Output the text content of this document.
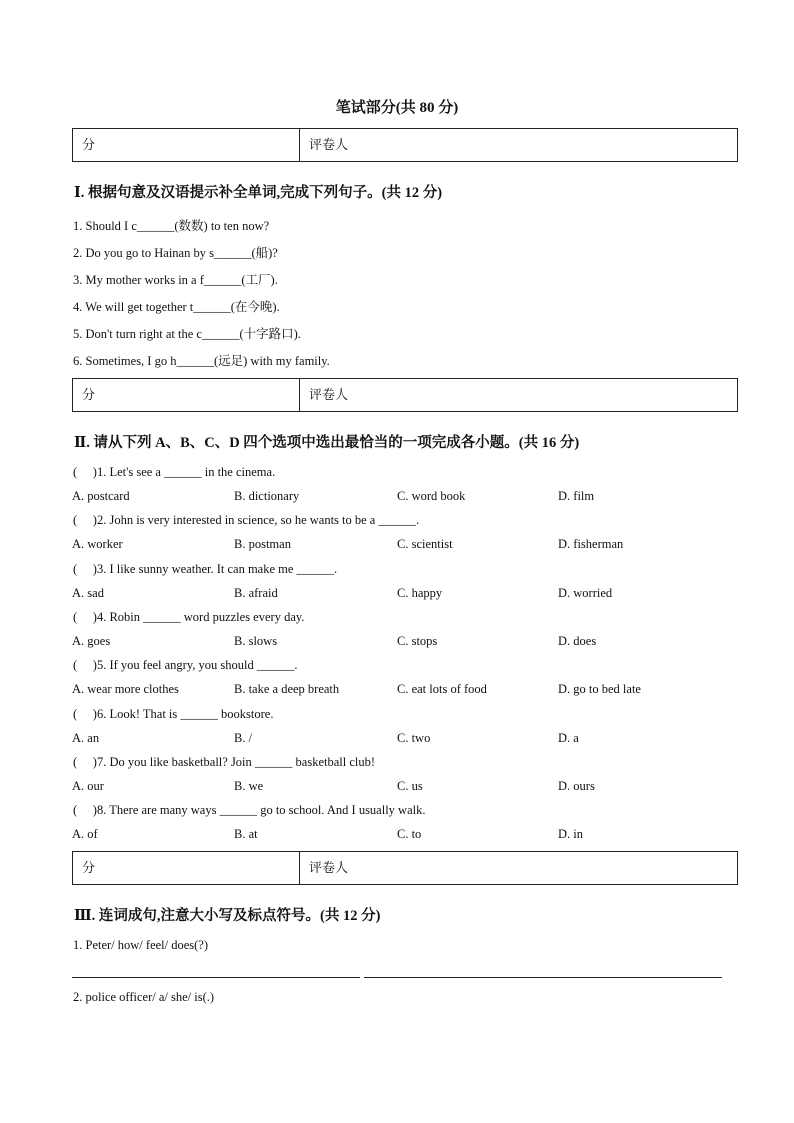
笔试部分(共 80 分)
分	评卷人
Ⅰ. 根据句意及汉语提示补全单词,完成下列句子。(共 12 分)
1. Should I c______(数数) to ten now?
2. Do you go to Hainan by s______(船)?
3. My mother works in a f______(工厂).
4. We will get together t______(在今晚).
5. Don't turn right at the c______(十字路口).
6. Sometimes, I go h______(远足) with my family.
分	评卷人
Ⅱ. 请从下列 A、B、C、D 四个选项中选出最恰当的一项完成各小题。(共 16 分)
(     )1. Let's see a ______ in the cinema.
A. postcard	B. dictionary	C. word book	D. film
(     )2. John is very interested in science, so he wants to be a ______.
A. worker	B. postman	C. scientist	D. fisherman
(     )3. I like sunny weather. It can make me ______.
A. sad	B. afraid	C. happy	D. worried
(     )4. Robin ______ word puzzles every day.
A. goes	B. slows	C. stops	D. does
(     )5. If you feel angry, you should ______.
A. wear more clothes	B. take a deep breath	C. eat lots of food	D. go to bed late
(     )6. Look! That is ______ bookstore.
A. an	B. /	C. two	D. a
(     )7. Do you like basketball? Join ______ basketball club!
A. our	B. we	C. us	D. ours
(     )8. There are many ways ______ go to school. And I usually walk.
A. of	B. at	C. to	D. in
分	评卷人
Ⅲ. 连词成句,注意大小写及标点符号。(共 12 分)
1. Peter/ how/ feel/ does(?)
2. police officer/ a/ she/ is(.)
